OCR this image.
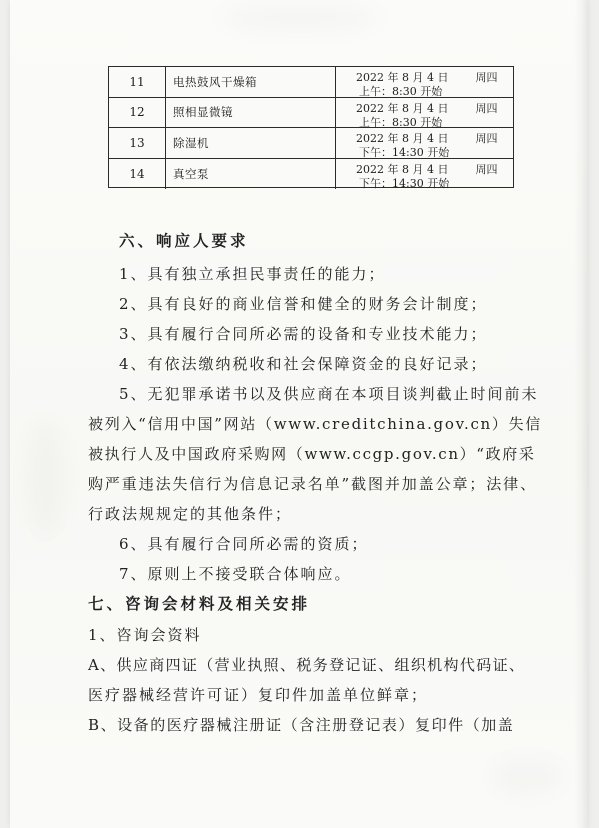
11	电热鼓风干燥箱	2022 年 8 月 4 日 周四
上午：8:30 开始
12	照相显微镜	2022 年 8 月 4 日 周四
上午：8:30 开始
13	除湿机	2022 年 8 月 4 日 周四
下午：14:30 开始
14	真空泵	2022 年 8 月 4 日 周四
下午：14:30 开始
六、响应人要求
1、具有独立承担民事责任的能力；
2、具有良好的商业信誉和健全的财务会计制度；
3、具有履行合同所必需的设备和专业技术能力；
4、有依法缴纳税收和社会保障资金的良好记录；
5、无犯罪承诺书以及供应商在本项目谈判截止时间前未
被列入“信用中国”网站（www.creditchina.gov.cn）失信
被执行人及中国政府采购网（www.ccgp.gov.cn）“政府采
购严重违法失信行为信息记录名单”截图并加盖公章；法律、
行政法规规定的其他条件；
6、具有履行合同所必需的资质；
7、原则上不接受联合体响应。
七、咨询会材料及相关安排
1、咨询会资料
A、供应商四证（营业执照、税务登记证、组织机构代码证、
医疗器械经营许可证）复印件加盖单位鲜章；
B、设备的医疗器械注册证（含注册登记表）复印件（加盖
